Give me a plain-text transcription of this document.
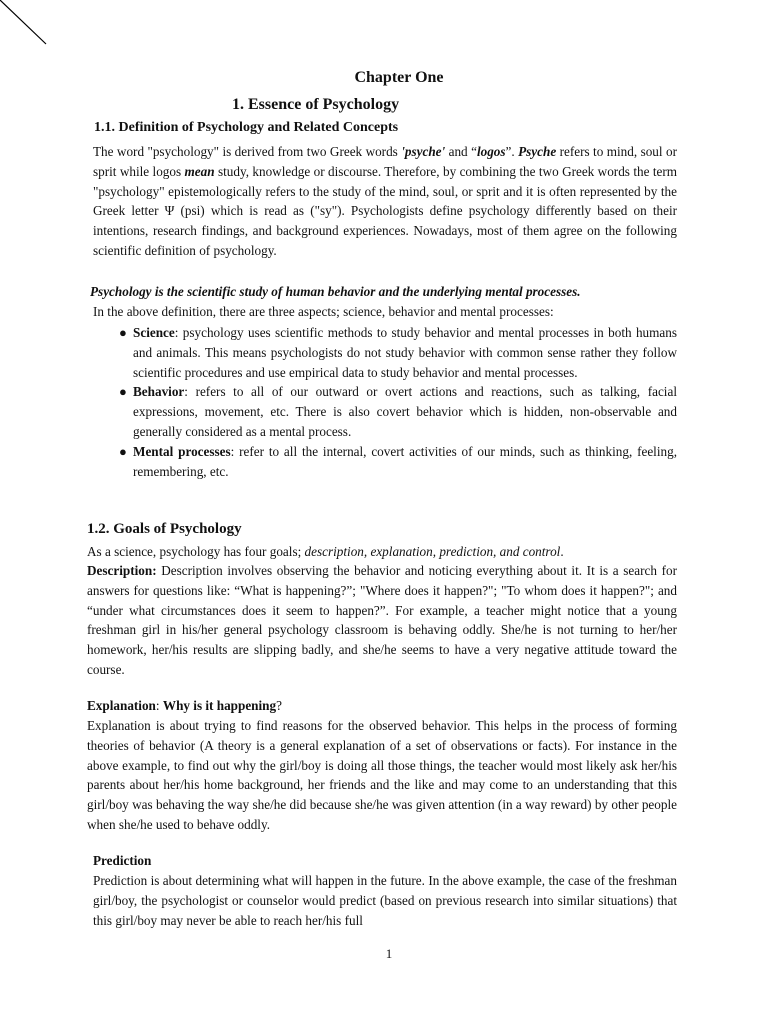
Chapter One
1. Essence of Psychology
1.1. Definition of Psychology and Related Concepts
The word "psychology" is derived from two Greek words 'psyche' and “logos”. Psyche refers to mind, soul or sprit while logos mean study, knowledge or discourse. Therefore, by combining the two Greek words the term "psychology" epistemologically refers to the study of the mind, soul, or sprit and it is often represented by the Greek letter Ψ (psi) which is read as ("sy"). Psychologists define psychology differently based on their intentions, research findings, and background experiences. Nowadays, most of them agree on the following scientific definition of psychology.
Psychology is the scientific study of human behavior and the underlying mental processes.
In the above definition, there are three aspects; science, behavior and mental processes:
● Science: psychology uses scientific methods to study behavior and mental processes in both humans and animals. This means psychologists do not study behavior with common sense rather they follow scientific procedures and use empirical data to study behavior and mental processes.
● Behavior: refers to all of our outward or overt actions and reactions, such as talking, facial expressions, movement, etc. There is also covert behavior which is hidden, non-observable and generally considered as a mental process.
● Mental processes: refer to all the internal, covert activities of our minds, such as thinking, feeling, remembering, etc.
1.2. Goals of Psychology
As a science, psychology has four goals; description, explanation, prediction, and control.
Description: Description involves observing the behavior and noticing everything about it. It is a search for answers for questions like: “What is happening?”; "Where does it happen?"; "To whom does it happen?"; and “under what circumstances does it seem to happen?”. For example, a teacher might notice that a young freshman girl in his/her general psychology classroom is behaving oddly. She/he is not turning to her/her homework, her/his results are slipping badly, and she/he seems to have a very negative attitude toward the course.
Explanation: Why is it happening?
Explanation is about trying to find reasons for the observed behavior. This helps in the process of forming theories of behavior (A theory is a general explanation of a set of observations or facts). For instance in the above example, to find out why the girl/boy is doing all those things, the teacher would most likely ask her/his parents about her/his home background, her friends and the like and may come to an understanding that this girl/boy was behaving the way she/he did because she/he was given attention (in a way reward) by other people when she/he used to behave oddly.
Prediction
Prediction is about determining what will happen in the future. In the above example, the case of the freshman girl/boy, the psychologist or counselor would predict (based on previous research into similar situations) that this girl/boy may never be able to reach her/his full
1
